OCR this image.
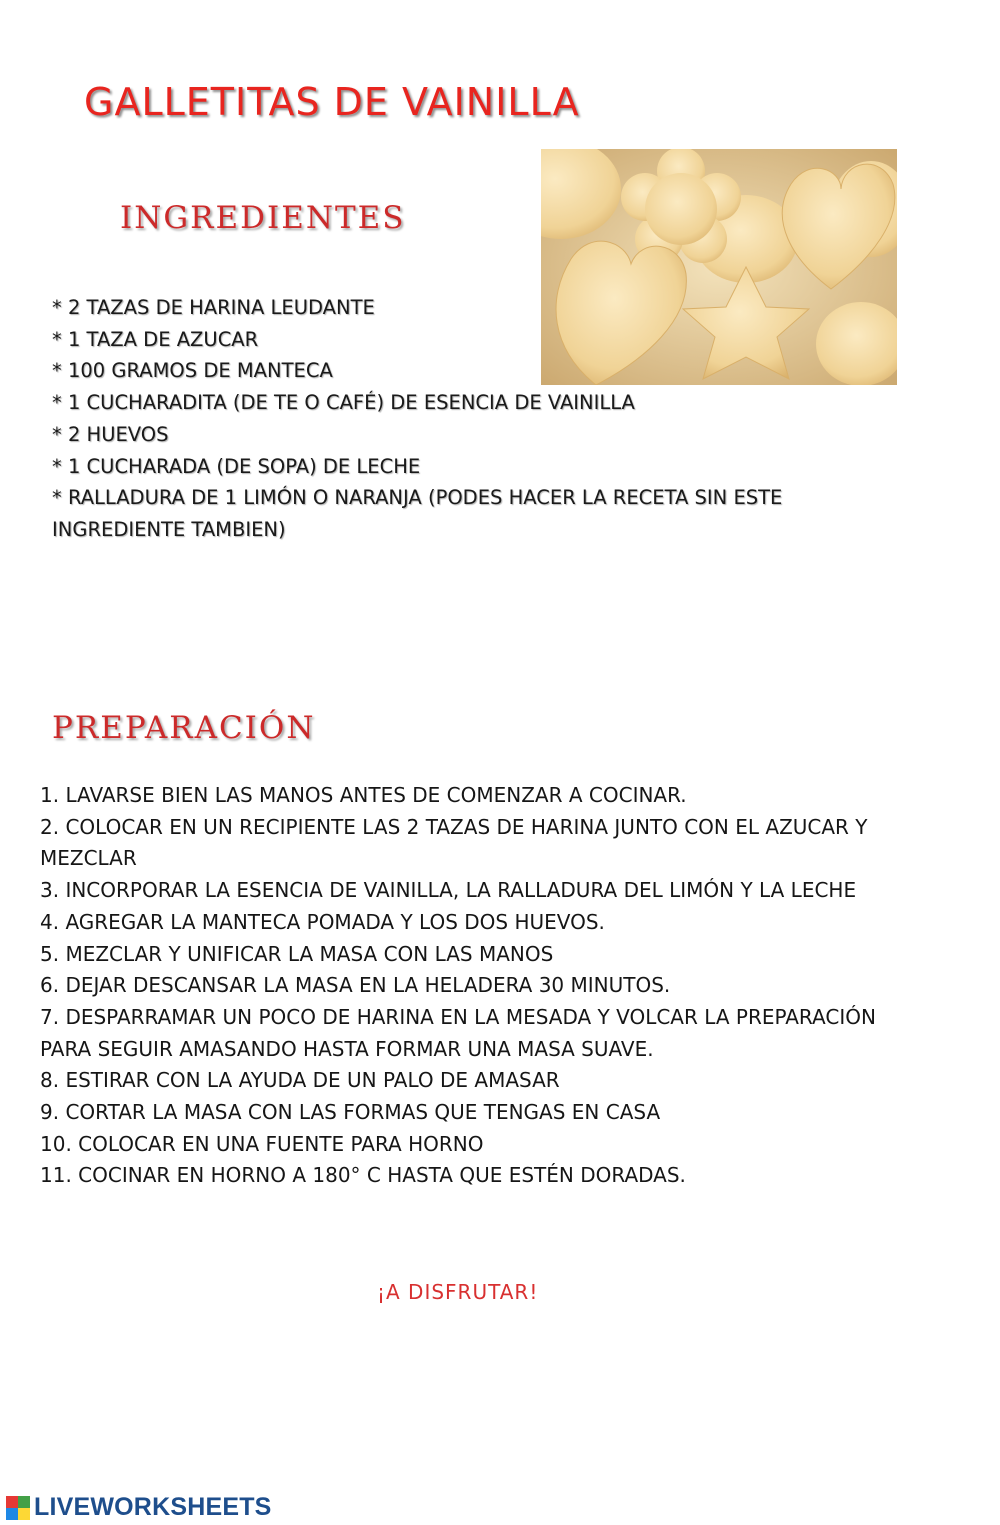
GALLETITAS DE VAINILLA
INGREDIENTES
* 2 TAZAS DE HARINA LEUDANTE
* 1 TAZA DE AZUCAR
* 100 GRAMOS DE MANTECA
* 1 CUCHARADITA (DE TE O CAFÉ) DE ESENCIA DE VAINILLA
* 2 HUEVOS
* 1 CUCHARADA (DE SOPA) DE LECHE
* RALLADURA DE 1 LIMÓN O NARANJA (PODES HACER LA RECETA SIN ESTE INGREDIENTE TAMBIEN)
PREPARACIÓN
1. LAVARSE BIEN LAS MANOS ANTES DE COMENZAR A COCINAR.
2. COLOCAR EN UN RECIPIENTE LAS 2 TAZAS DE HARINA JUNTO CON EL AZUCAR Y MEZCLAR
3. INCORPORAR LA ESENCIA DE VAINILLA, LA RALLADURA DEL LIMÓN Y LA LECHE
4. AGREGAR LA MANTECA POMADA Y LOS DOS HUEVOS.
5. MEZCLAR Y UNIFICAR LA MASA CON LAS MANOS
6. DEJAR DESCANSAR LA MASA EN LA HELADERA 30 MINUTOS.
7. DESPARRAMAR UN POCO DE HARINA EN LA MESADA Y VOLCAR LA PREPARACIÓN PARA SEGUIR AMASANDO HASTA FORMAR UNA MASA SUAVE.
8. ESTIRAR CON LA AYUDA DE UN PALO DE AMASAR
9. CORTAR LA MASA CON LAS FORMAS QUE TENGAS EN CASA
10. COLOCAR EN UNA FUENTE PARA HORNO
11. COCINAR EN HORNO A 180° C HASTA QUE ESTÉN DORADAS.

¡A DISFRUTAR!

LIVEWORKSHEETS
